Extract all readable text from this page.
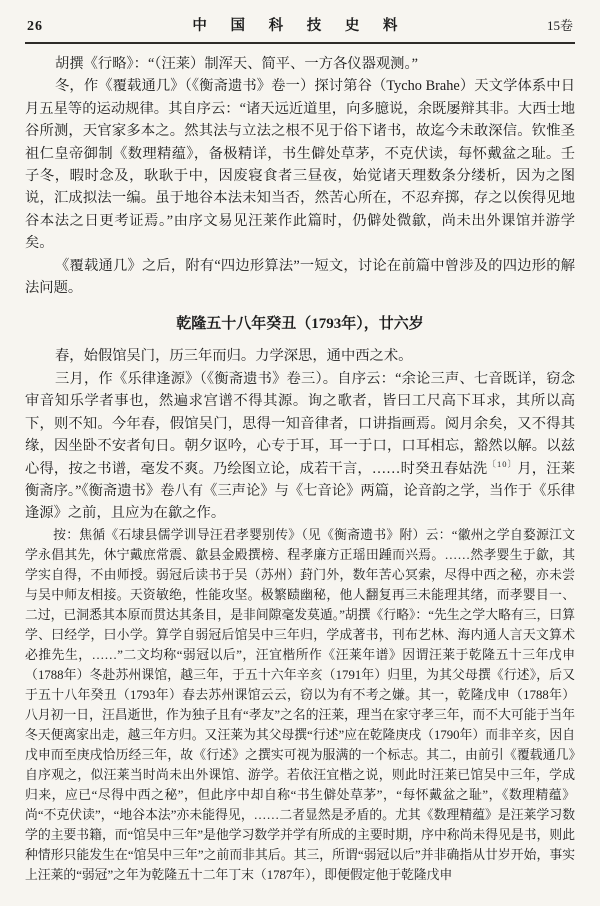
26	中 国 科 技 史 料	15卷

胡撰《行略》：“（汪莱）制浑天、简平、一方各仪器观测。”

冬，作《覆载通几》（《衡斋遗书》卷一）探讨第谷（Tycho Brahe）天文学体系中日月五星等的运动规律。其自序云：“诸天远近道里，向多臆说，余既屡辩其非。大西士地谷所测，天官家多本之。然其法与立法之根不见于俗下诸书，故迄今未敢深信。钦惟圣祖仁皇帝御制《数理精蕴》，备极精详，书生僻处草茅，不克伏读，每怀戴盆之耻。壬子冬，暇时念及，耿耿于中，因废寝食者三昼夜，始觉诸天理数条分缕析，因为之图说，汇成拟法一编。虽于地谷本法未知当否，然苦心所在，不忍弃掷，存之以俟得见地谷本法之日更考证焉。”由序文易见汪莱作此篇时，仍僻处微歙，尚未出外课馆并游学矣。

《覆载通几》之后，附有“四边形算法”一短文，讨论在前篇中曾涉及的四边形的解法问题。

乾隆五十八年癸丑（1793年），廿六岁

春，始假馆吴门，历三年而归。力学深思，通中西之术。

三月，作《乐律逢源》（《衡斋遗书》卷三）。自序云：“余论三声、七音既详，窃念审音知乐学者事也，然遍求宫谱不得其源。询之歌者，皆曰工尺高下耳求，其所以高下，则不知。今年春，假馆吴门，思得一知音律者，口讲指画焉。阅月余矣，又不得其缘，因坐卧不安者旬日。朝夕讴吟，心专于耳，耳一于口，口耳相忘，豁然以解。以兹心得，按之书谱，毫发不爽。乃绘图立论，成若干言，……时癸丑春姑洗$^{〔10〕}$月，汪莱衡斋序。”《衡斋遗书》卷八有《三声论》与《七音论》两篇，论音韵之学，当作于《乐律逢源》之前，且应为在歙之作。

按：焦循《石埭县儒学训导汪君孝婴别传》（见《衡斋遗书》附）云：“徽州之学自婺源江文学永倡其先，休宁戴庶常震、歙县金殿撰榜、程孝廉方正瑶田踵而兴焉。……然孝婴生于歙，其学实自得，不由师授。弱冠后读书于吴（苏州）葑门外，数年苦心冥索，尽得中西之秘，亦未尝与吴中师友相接。天资敏绝，性能攻坚。极繁赜幽秘，他人翻复再三未能理其绪，而孝婴目一、二过，已洞悉其本原而贯达其条目，是非间隙毫发莫遁。”胡撰《行略》：“先生之学大略有三，曰算学、曰经学，曰小学。算学自弱冠后馆吴中三年归，学成著书，刊布艺林、海内通人言天文算术必推先生，……”二文均称“弱冠以后”，汪宜楷所作《汪莱年谱》因谓汪莱于乾隆五十三年戊申（1788年）冬赴苏州课馆，越三年，于五十六年辛亥（1791年）归里，为其父母撰《行述》，后又于五十八年癸丑（1793年）春去苏州课馆云云，窃以为有不考之嫌。其一，乾隆戊申（1788年）八月初一日，汪昌逝世，作为独子且有“孝友”之名的汪莱，理当在家守孝三年，而不大可能于当年冬天便离家出走，越三年方归。又汪莱为其父母撰“行述”应在乾隆庚戌（1790年）而非辛亥，因自戊申而至庚戌恰历经三年，故《行述》之撰实可视为服满的一个标志。其二，由前引《覆载通几》自序观之，似汪莱当时尚未出外课馆、游学。若依汪宜楷之说，则此时汪莱已馆吴中三年，学成归来，应已“尽得中西之秘”，但此序中却自称“书生僻处草茅”，“每怀戴盆之耻”，《数理精蕴》尚“不克伏读”，“地谷本法”亦未能得见，……二者显然是矛盾的。尤其《数理精蕴》是汪莱学习数学的主要书籍，而“馆吴中三年”是他学习数学并学有所成的主要时期，序中称尚未得见是书，则此种情形只能发生在“馆吴中三年”之前而非其后。其三，所谓“弱冠以后”并非确指从廿岁开始，事实上汪莱的“弱冠”之年为乾隆五十二年丁末（1787年），即便假定他于乾隆戊申
